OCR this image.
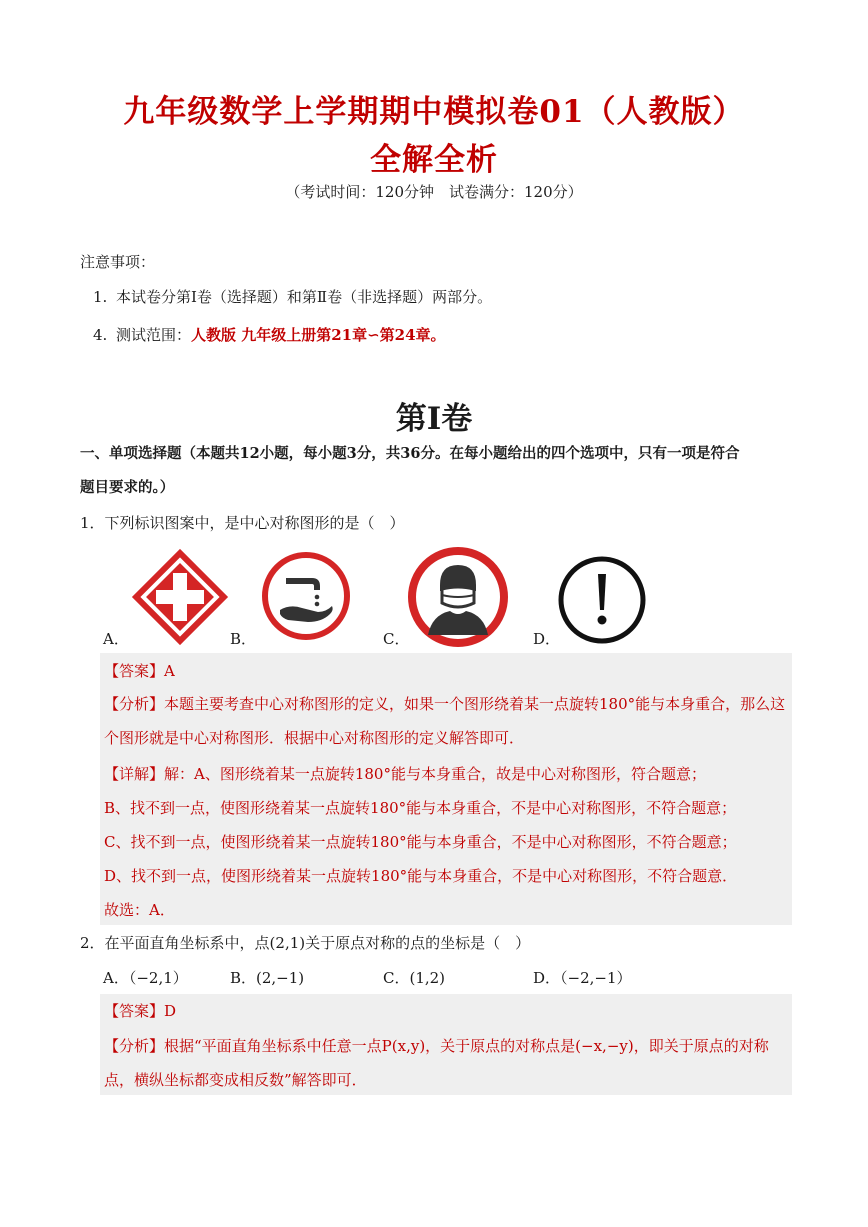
九年级数学上学期期中模拟卷01（人教版）
全解全析
（考试时间：120分钟　试卷满分：120分）
注意事项：
1. 本试卷分第Ⅰ卷（选择题）和第Ⅱ卷（非选择题）两部分。
4. 测试范围：人教版 九年级上册第21章∽第24章。
第Ⅰ卷
一、单项选择题（本题共12小题，每小题3分，共36分。在每小题给出的四个选项中，只有一项是符合
题目要求的。）
1．下列标识图案中，是中心对称图形的是（　）
A．	B．	C．	D．
【答案】A
【分析】本题主要考查中心对称图形的定义，如果一个图形绕着某一点旋转180°能与本身重合，那么这
个图形就是中心对称图形．根据中心对称图形的定义解答即可．
【详解】解：A、图形绕着某一点旋转180°能与本身重合，故是中心对称图形，符合题意；
B、找不到一点，使图形绕着某一点旋转180°能与本身重合，不是中心对称图形，不符合题意；
C、找不到一点，使图形绕着某一点旋转180°能与本身重合，不是中心对称图形，不符合题意；
D、找不到一点，使图形绕着某一点旋转180°能与本身重合，不是中心对称图形，不符合题意．
故选：A．
2．在平面直角坐标系中，点(2,1)关于原点对称的点的坐标是（　）
A．（−2,1）	B．(2,−1)	C．(1,2)	D．（−2,−1）
【答案】D
【分析】根据“平面直角坐标系中任意一点P(x,y)，关于原点的对称点是(−x,−y)，即关于原点的对称
点，横纵坐标都变成相反数”解答即可．
